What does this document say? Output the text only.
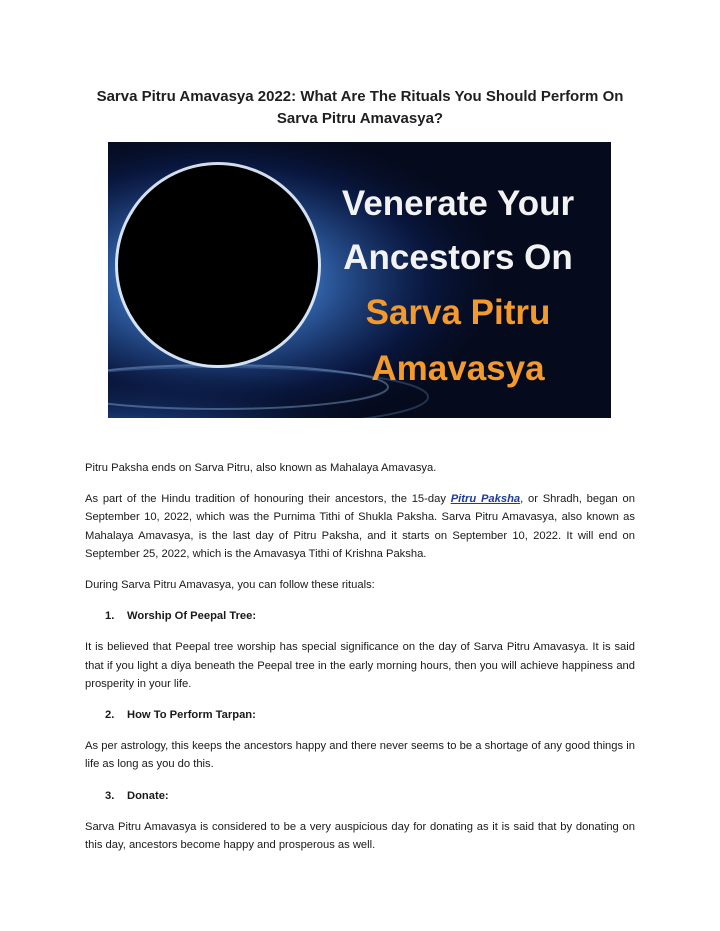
Sarva Pitru Amavasya 2022: What Are The Rituals You Should Perform On Sarva Pitru Amavasya?
Venerate Your
Ancestors On
Sarva Pitru
Amavasya

Pitru Paksha ends on Sarva Pitru, also known as Mahalaya Amavasya.

As part of the Hindu tradition of honouring their ancestors, the 15-day Pitru Paksha, or Shradh, began on September 10, 2022, which was the Purnima Tithi of Shukla Paksha. Sarva Pitru Amavasya, also known as Mahalaya Amavasya, is the last day of Pitru Paksha, and it starts on September 10, 2022. It will end on September 25, 2022, which is the Amavasya Tithi of Krishna Paksha.

During Sarva Pitru Amavasya, you can follow these rituals:

1. Worship Of Peepal Tree:

It is believed that Peepal tree worship has special significance on the day of Sarva Pitru Amavasya. It is said that if you light a diya beneath the Peepal tree in the early morning hours, then you will achieve happiness and prosperity in your life.

2. How To Perform Tarpan:

As per astrology, this keeps the ancestors happy and there never seems to be a shortage of any good things in life as long as you do this.

3. Donate:

Sarva Pitru Amavasya is considered to be a very auspicious day for donating as it is said that by donating on this day, ancestors become happy and prosperous as well.
